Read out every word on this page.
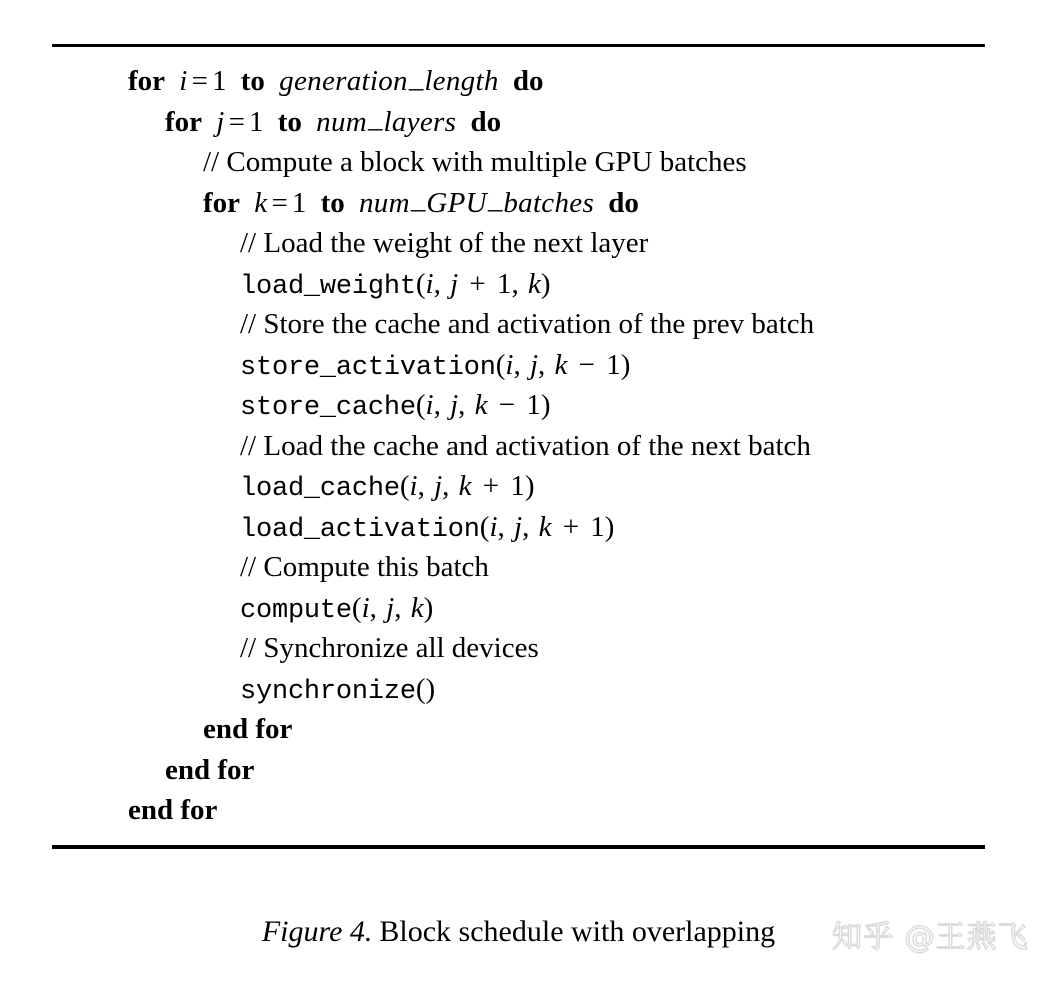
for i = 1 to generation_length do
for j = 1 to num_layers do
// Compute a block with multiple GPU batches
for k = 1 to num_GPU_batches do
// Load the weight of the next layer
load_weight(i, j + 1, k)
// Store the cache and activation of the prev batch
store_activation(i, j, k − 1)
store_cache(i, j, k − 1)
// Load the cache and activation of the next batch
load_cache(i, j, k + 1)
load_activation(i, j, k + 1)
// Compute this batch
compute(i, j, k)
// Synchronize all devices
synchronize()
end for
end for
end for
Figure 4. Block schedule with overlapping	知乎 @王燕飞
